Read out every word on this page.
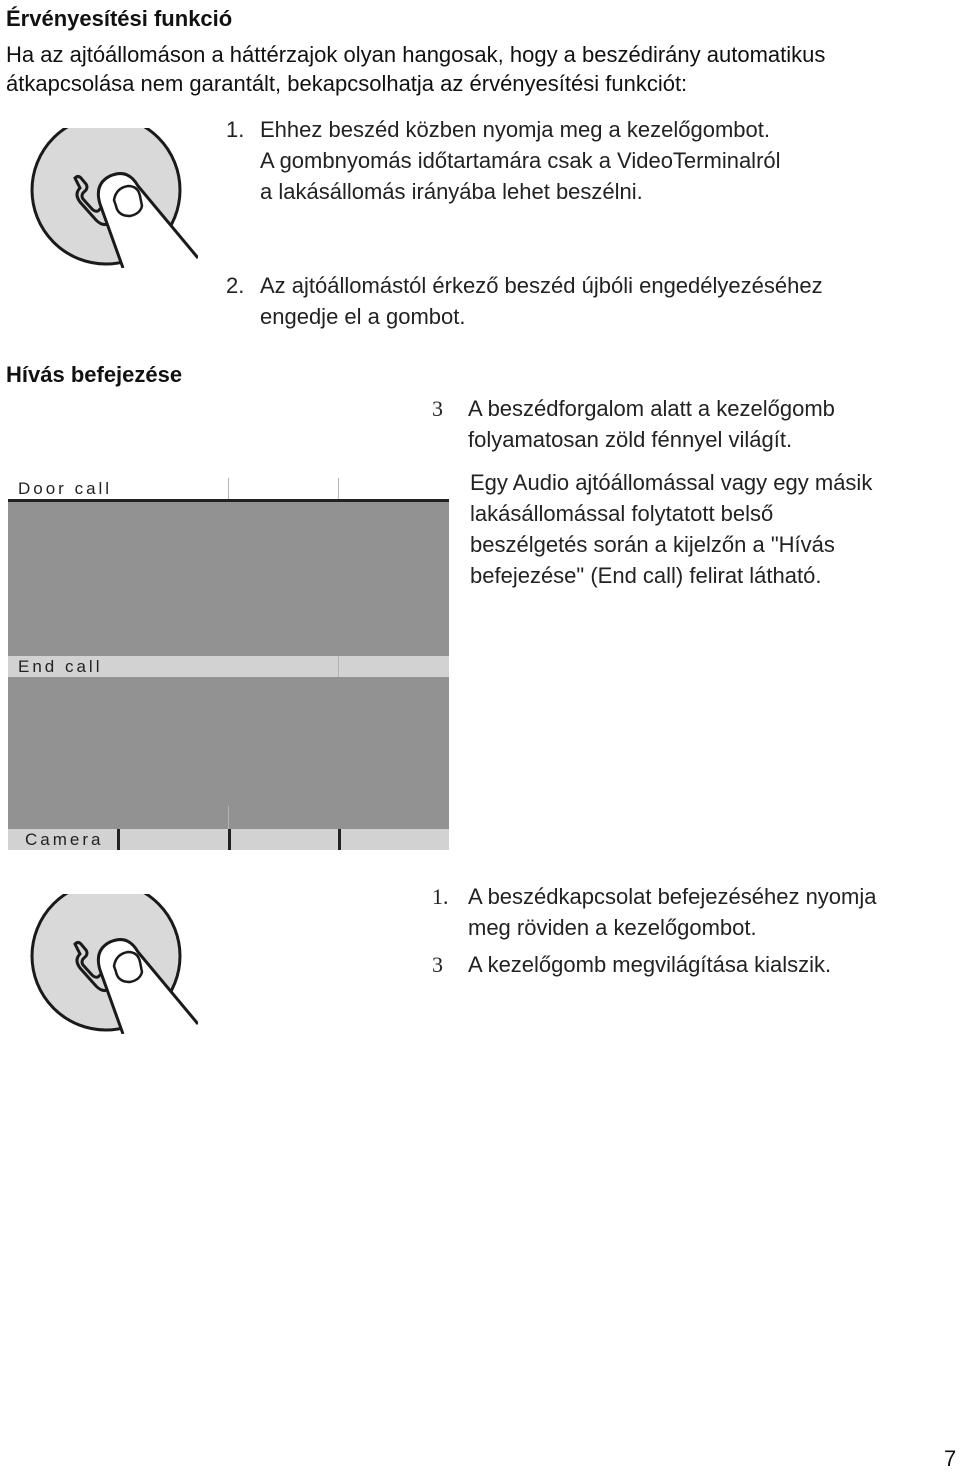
Érvényesítési funkció
Ha az ajtóállomáson a háttérzajok olyan hangosak, hogy a beszédirány automatikus
átkapcsolása nem garantált, bekapcsolhatja az érvényesítési funkciót:
1. Ehhez beszéd közben nyomja meg a kezelőgombot.
A gombnyomás időtartamára csak a VideoTerminalról
a lakásállomás irányába lehet beszélni.
2. Az ajtóállomástól érkező beszéd újbóli engedélyezéséhez
engedje el a gombot.
Hívás befejezése
3 A beszédforgalom alatt a kezelőgomb
folyamatosan zöld fénnyel világít.
Egy Audio ajtóállomással vagy egy másik
lakásállomással folytatott belső
beszélgetés során a kijelzőn a "Hívás
befejezése" (End call) felirat látható.
Door call
End call
Camera
1. A beszédkapcsolat befejezéséhez nyomja
meg röviden a kezelőgombot.
3 A kezelőgomb megvilágítása kialszik.
7
